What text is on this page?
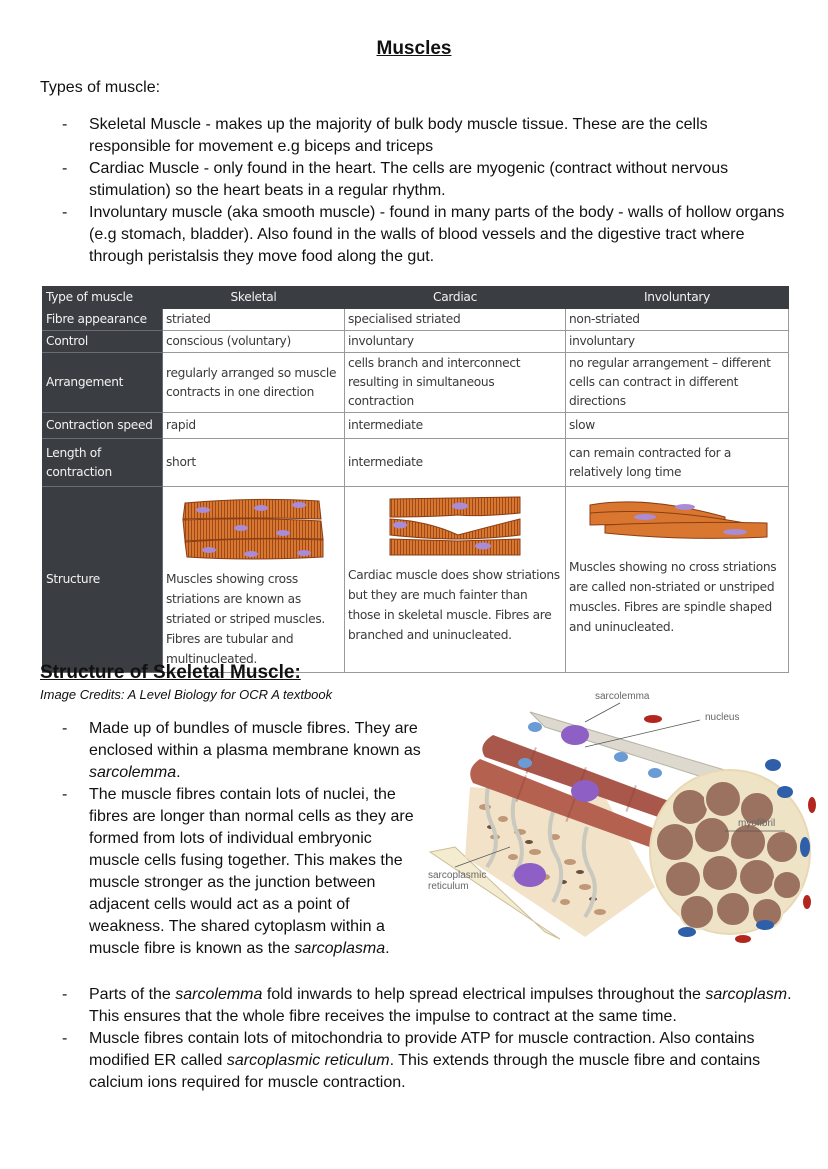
Muscles
Types of muscle:
- Skeletal Muscle - makes up the majority of bulk body muscle tissue. These are the cells responsible for movement e.g biceps and triceps
- Cardiac Muscle - only found in the heart. The cells are myogenic (contract without nervous stimulation) so the heart beats in a regular rhythm.
- Involuntary muscle (aka smooth muscle) - found in many parts of the body - walls of hollow organs (e.g stomach, bladder). Also found in the walls of blood vessels and the digestive tract where through peristalsis they move food along the gut.
Type of muscle	Skeletal	Cardiac	Involuntary
Fibre appearance	striated	specialised striated	non-striated
Control	conscious (voluntary)	involuntary	involuntary
Arrangement	regularly arranged so muscle contracts in one direction	cells branch and interconnect resulting in simultaneous contraction	no regular arrangement – different cells can contract in different directions
Contraction speed	rapid	intermediate	slow
Length of contraction	short	intermediate	can remain contracted for a relatively long time
Structure	Muscles showing cross striations are known as striated or striped muscles. Fibres are tubular and multinucleated.	Cardiac muscle does show striations but they are much fainter than those in skeletal muscle. Fibres are branched and uninucleated.	Muscles showing no cross striations are called non-striated or unstriped muscles. Fibres are spindle shaped and uninucleated.
Structure of Skeletal Muscle:
Image Credits: A Level Biology for OCR A textbook
- Made up of bundles of muscle fibres. They are enclosed within a plasma membrane known as sarcolemma.
- The muscle fibres contain lots of nuclei, the fibres are longer than normal cells as they are formed from lots of individual embryonic muscle cells fusing together. This makes the muscle stronger as the junction between adjacent cells would act as a point of weakness. The shared cytoplasm within a muscle fibre is known as the sarcoplasma.
sarcolemma
nucleus
myofibril
sarcoplasmic
reticulum
- Parts of the sarcolemma fold inwards to help spread electrical impulses throughout the sarcoplasm. This ensures that the whole fibre receives the impulse to contract at the same time.
- Muscle fibres contain lots of mitochondria to provide ATP for muscle contraction. Also contains modified ER called sarcoplasmic reticulum. This extends through the muscle fibre and contains calcium ions required for muscle contraction.
